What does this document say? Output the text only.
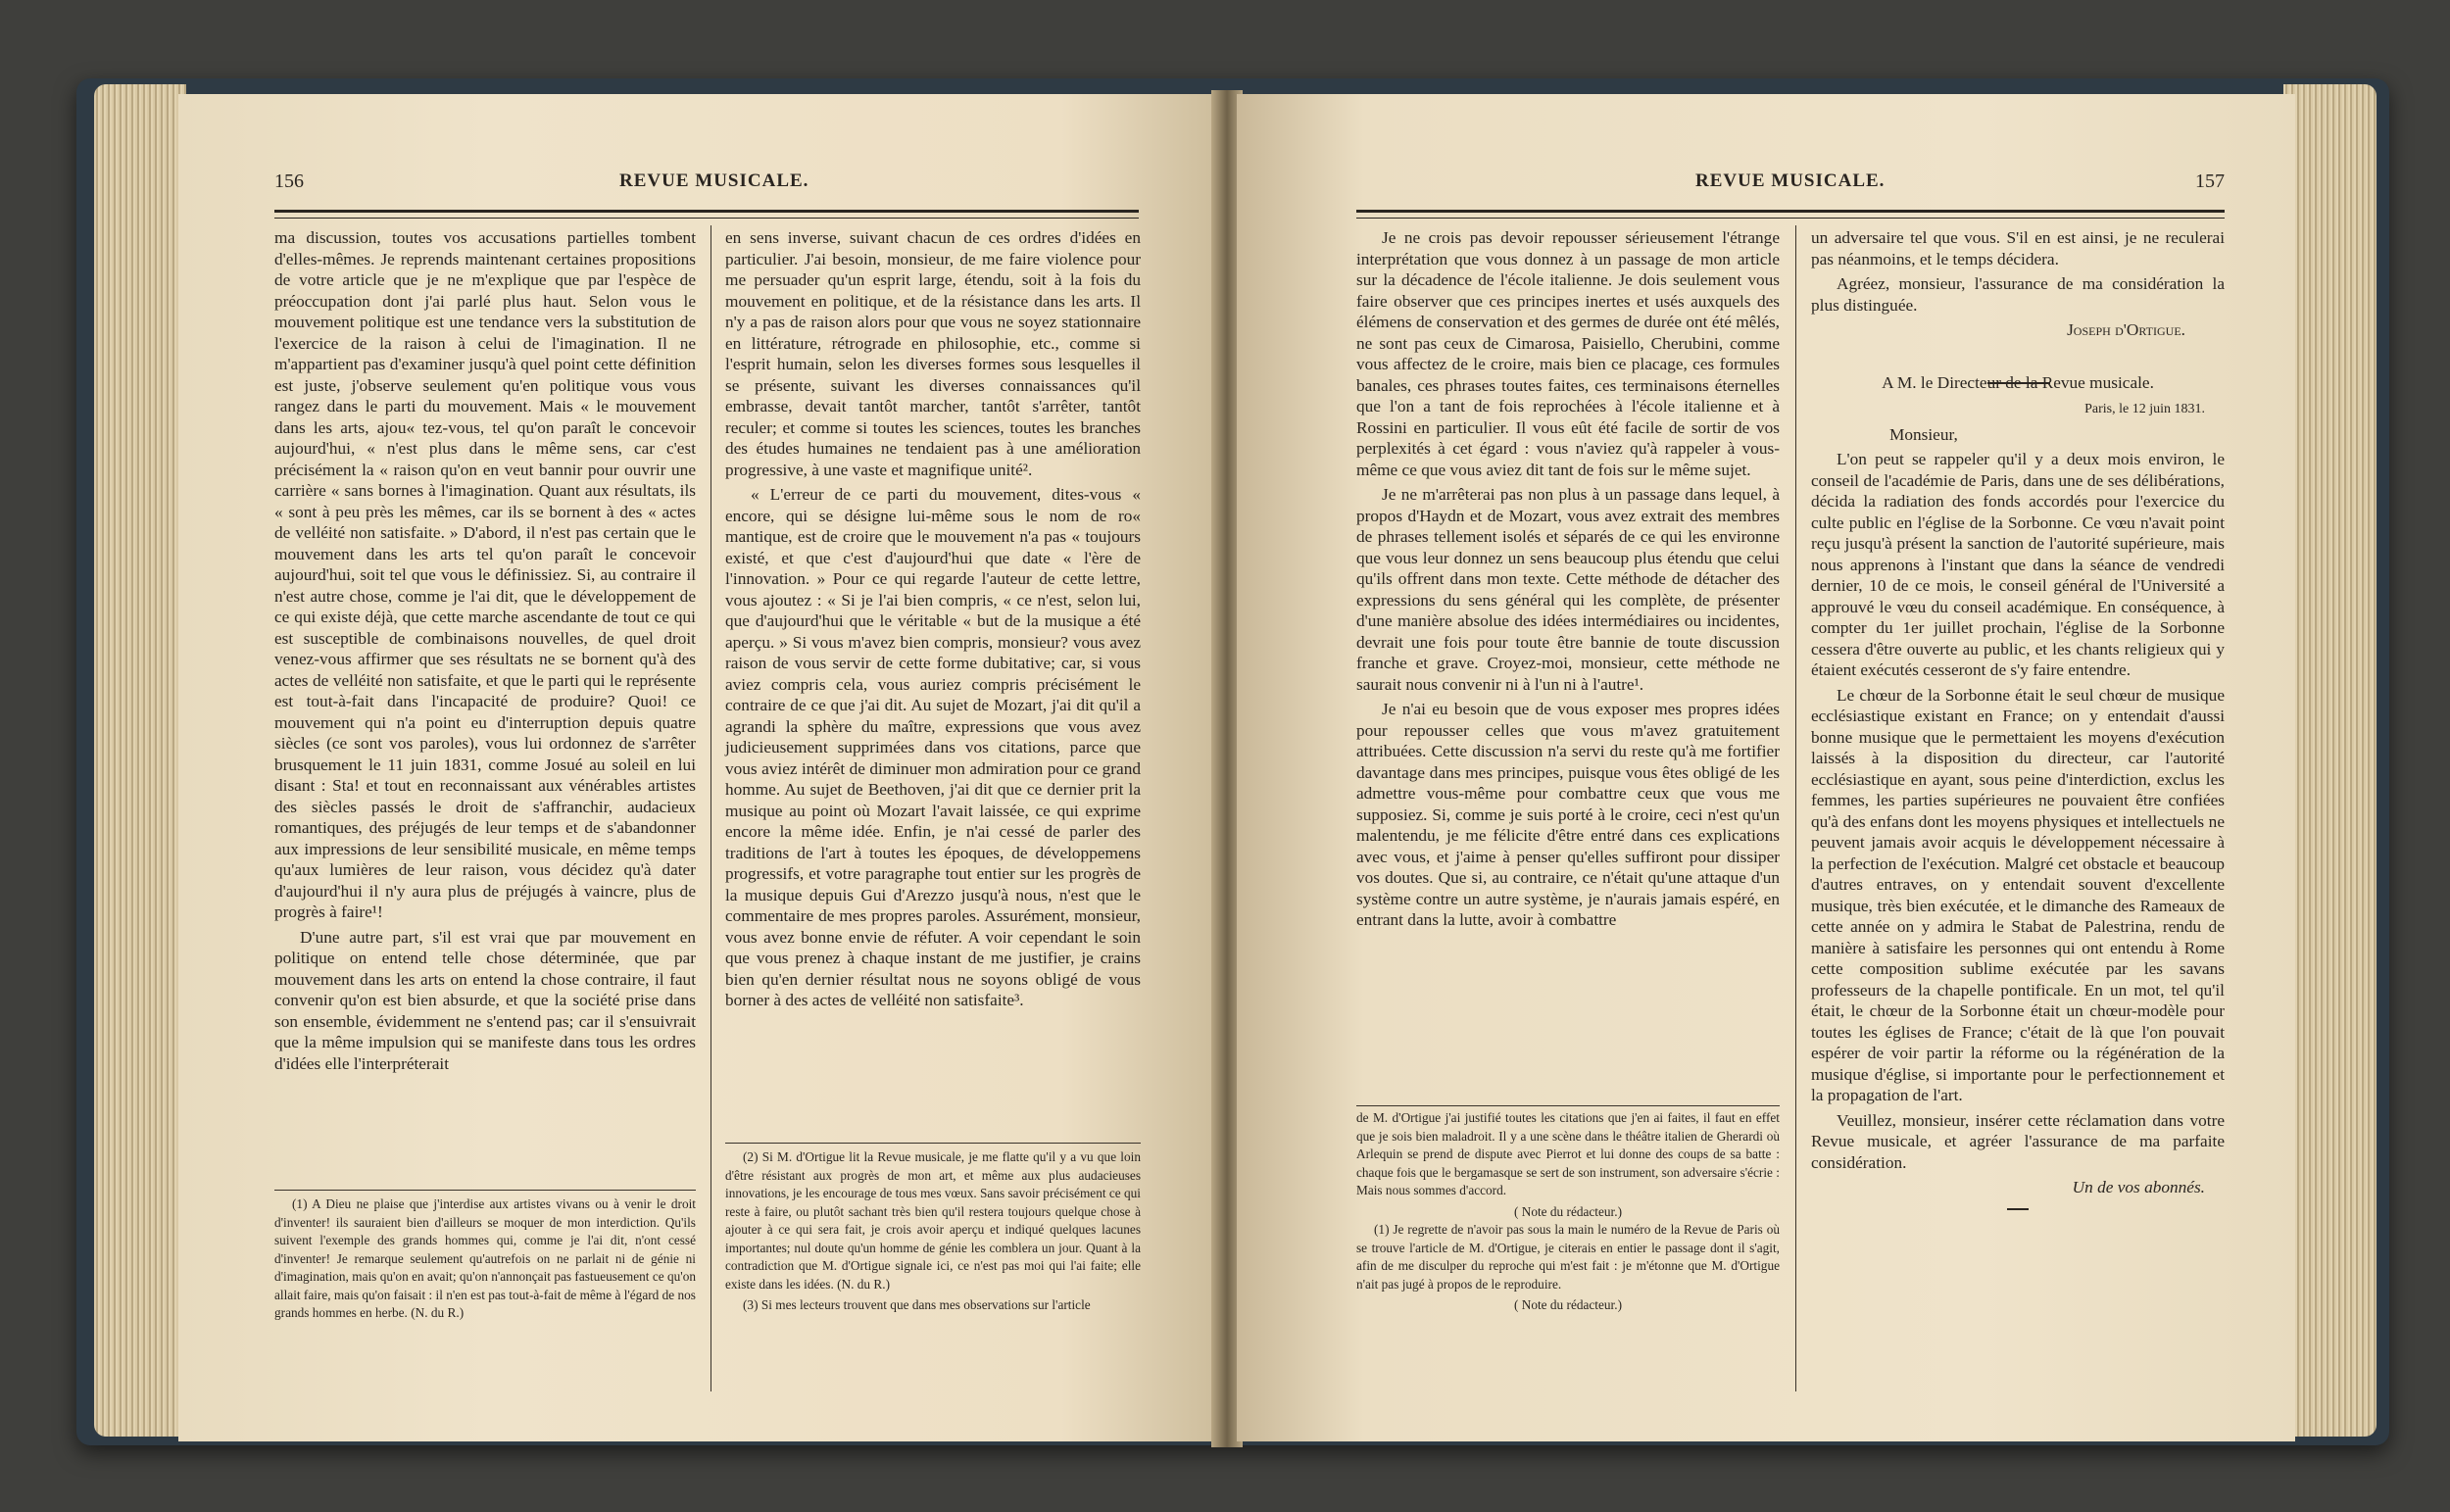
156	REVUE MUSICALE.

ma discussion, toutes vos accusations partielles tombent d'elles-mêmes. Je reprends maintenant certaines propositions de votre article que je ne m'explique que par l'espèce de préoccupation dont j'ai parlé plus haut. Selon vous le mouvement politique est une tendance vers la substitution de l'exercice de la raison à celui de l'imagination. Il ne m'appartient pas d'examiner jusqu'à quel point cette définition est juste, j'observe seulement qu'en politique vous vous rangez dans le parti du mouvement. Mais « le mouvement dans les arts, ajou« tez-vous, tel qu'on paraît le concevoir aujourd'hui, « n'est plus dans le même sens, car c'est précisément la « raison qu'on en veut bannir pour ouvrir une carrière « sans bornes à l'imagination. Quant aux résultats, ils « sont à peu près les mêmes, car ils se bornent à des « actes de velléité non satisfaite. » D'abord, il n'est pas certain que le mouvement dans les arts tel qu'on paraît le concevoir aujourd'hui, soit tel que vous le définissiez. Si, au contraire il n'est autre chose, comme je l'ai dit, que le développement de ce qui existe déjà, que cette marche ascendante de tout ce qui est susceptible de combinaisons nouvelles, de quel droit venez-vous affirmer que ses résultats ne se bornent qu'à des actes de velléité non satisfaite, et que le parti qui le représente est tout-à-fait dans l'incapacité de produire? Quoi! ce mouvement qui n'a point eu d'interruption depuis quatre siècles (ce sont vos paroles), vous lui ordonnez de s'arrêter brusquement le 11 juin 1831, comme Josué au soleil en lui disant : Sta! et tout en reconnaissant aux vénérables artistes des siècles passés le droit de s'affranchir, audacieux romantiques, des préjugés de leur temps et de s'abandonner aux impressions de leur sensibilité musicale, en même temps qu'aux lumières de leur raison, vous décidez qu'à dater d'aujourd'hui il n'y aura plus de préjugés à vaincre, plus de progrès à faire¹!

D'une autre part, s'il est vrai que par mouvement en politique on entend telle chose déterminée, que par mouvement dans les arts on entend la chose contraire, il faut convenir qu'on est bien absurde, et que la société prise dans son ensemble, évidemment ne s'entend pas; car il s'ensuivrait que la même impulsion qui se manifeste dans tous les ordres d'idées elle l'interpréterait

(1) A Dieu ne plaise que j'interdise aux artistes vivans ou à venir le droit d'inventer! ils sauraient bien d'ailleurs se moquer de mon interdiction. Qu'ils suivent l'exemple des grands hommes qui, comme je l'ai dit, n'ont cessé d'inventer! Je remarque seulement qu'autrefois on ne parlait ni de génie ni d'imagination, mais qu'on en avait; qu'on n'annonçait pas fastueusement ce qu'on allait faire, mais qu'on faisait : il n'en est pas tout-à-fait de même à l'égard de nos grands hommes en herbe. (N. du R.)

en sens inverse, suivant chacun de ces ordres d'idées en particulier. J'ai besoin, monsieur, de me faire violence pour me persuader qu'un esprit large, étendu, soit à la fois du mouvement en politique, et de la résistance dans les arts. Il n'y a pas de raison alors pour que vous ne soyez stationnaire en littérature, rétrograde en philosophie, etc., comme si l'esprit humain, selon les diverses formes sous lesquelles il se présente, suivant les diverses connaissances qu'il embrasse, devait tantôt marcher, tantôt s'arrêter, tantôt reculer; et comme si toutes les sciences, toutes les branches des études humaines ne tendaient pas à une amélioration progressive, à une vaste et magnifique unité².

« L'erreur de ce parti du mouvement, dites-vous « encore, qui se désigne lui-même sous le nom de ro« mantique, est de croire que le mouvement n'a pas « toujours existé, et que c'est d'aujourd'hui que date « l'ère de l'innovation. » Pour ce qui regarde l'auteur de cette lettre, vous ajoutez : « Si je l'ai bien compris, « ce n'est, selon lui, que d'aujourd'hui que le véritable « but de la musique a été aperçu. » Si vous m'avez bien compris, monsieur? vous avez raison de vous servir de cette forme dubitative; car, si vous aviez compris cela, vous auriez compris précisément le contraire de ce que j'ai dit. Au sujet de Mozart, j'ai dit qu'il a agrandi la sphère du maître, expressions que vous avez judicieusement supprimées dans vos citations, parce que vous aviez intérêt de diminuer mon admiration pour ce grand homme. Au sujet de Beethoven, j'ai dit que ce dernier prit la musique au point où Mozart l'avait laissée, ce qui exprime encore la même idée. Enfin, je n'ai cessé de parler des traditions de l'art à toutes les époques, de développemens progressifs, et votre paragraphe tout entier sur les progrès de la musique depuis Gui d'Arezzo jusqu'à nous, n'est que le commentaire de mes propres paroles. Assurément, monsieur, vous avez bonne envie de réfuter. A voir cependant le soin que vous prenez à chaque instant de me justifier, je crains bien qu'en dernier résultat nous ne soyons obligé de vous borner à des actes de velléité non satisfaite³.

(2) Si M. d'Ortigue lit la Revue musicale, je me flatte qu'il y a vu que loin d'être résistant aux progrès de mon art, et même aux plus audacieuses innovations, je les encourage de tous mes vœux. Sans savoir précisément ce qui reste à faire, ou plutôt sachant très bien qu'il restera toujours quelque chose à ajouter à ce qui sera fait, je crois avoir aperçu et indiqué quelques lacunes importantes; nul doute qu'un homme de génie les comblera un jour. Quant à la contradiction que M. d'Ortigue signale ici, ce n'est pas moi qui l'ai faite; elle existe dans les idées. (N. du R.)

(3) Si mes lecteurs trouvent que dans mes observations sur l'article

REVUE MUSICALE.	157

Je ne crois pas devoir repousser sérieusement l'étrange interprétation que vous donnez à un passage de mon article sur la décadence de l'école italienne. Je dois seulement vous faire observer que ces principes inertes et usés auxquels des élémens de conservation et des germes de durée ont été mêlés, ne sont pas ceux de Cimarosa, Paisiello, Cherubini, comme vous affectez de le croire, mais bien ce placage, ces formules banales, ces phrases toutes faites, ces terminaisons éternelles que l'on a tant de fois reprochées à l'école italienne et à Rossini en particulier. Il vous eût été facile de sortir de vos perplexités à cet égard : vous n'aviez qu'à rappeler à vous-même ce que vous aviez dit tant de fois sur le même sujet.

Je ne m'arrêterai pas non plus à un passage dans lequel, à propos d'Haydn et de Mozart, vous avez extrait des membres de phrases tellement isolés et séparés de ce qui les environne que vous leur donnez un sens beaucoup plus étendu que celui qu'ils offrent dans mon texte. Cette méthode de détacher des expressions du sens général qui les complète, de présenter d'une manière absolue des idées intermédiaires ou incidentes, devrait une fois pour toute être bannie de toute discussion franche et grave. Croyez-moi, monsieur, cette méthode ne saurait nous convenir ni à l'un ni à l'autre¹.

Je n'ai eu besoin que de vous exposer mes propres idées pour repousser celles que vous m'avez gratuitement attribuées. Cette discussion n'a servi du reste qu'à me fortifier davantage dans mes principes, puisque vous êtes obligé de les admettre vous-même pour combattre ceux que vous me supposiez. Si, comme je suis porté à le croire, ceci n'est qu'un malentendu, je me félicite d'être entré dans ces explications avec vous, et j'aime à penser qu'elles suffiront pour dissiper vos doutes. Que si, au contraire, ce n'était qu'une attaque d'un système contre un autre système, je n'aurais jamais espéré, en entrant dans la lutte, avoir à combattre

de M. d'Ortigue j'ai justifié toutes les citations que j'en ai faites, il faut en effet que je sois bien maladroit. Il y a une scène dans le théâtre italien de Gherardi où Arlequin se prend de dispute avec Pierrot et lui donne des coups de sa batte : chaque fois que le bergamasque se sert de son instrument, son adversaire s'écrie : Mais nous sommes d'accord.

( Note du rédacteur.)

(1) Je regrette de n'avoir pas sous la main le numéro de la Revue de Paris où se trouve l'article de M. d'Ortigue, je citerais en entier le passage dont il s'agit, afin de me disculper du reproche qui m'est fait : je m'étonne que M. d'Ortigue n'ait pas jugé à propos de le reproduire.

( Note du rédacteur.)

un adversaire tel que vous. S'il en est ainsi, je ne reculerai pas néanmoins, et le temps décidera.

Agréez, monsieur, l'assurance de ma considération la plus distinguée.

Joseph d'Ortigue.
A M. le Directeur de la Revue musicale.
Paris, le 12 juin 1831.
Monsieur,

L'on peut se rappeler qu'il y a deux mois environ, le conseil de l'académie de Paris, dans une de ses délibérations, décida la radiation des fonds accordés pour l'exercice du culte public en l'église de la Sorbonne. Ce vœu n'avait point reçu jusqu'à présent la sanction de l'autorité supérieure, mais nous apprenons à l'instant que dans la séance de vendredi dernier, 10 de ce mois, le conseil général de l'Université a approuvé le vœu du conseil académique. En conséquence, à compter du 1er juillet prochain, l'église de la Sorbonne cessera d'être ouverte au public, et les chants religieux qui y étaient exécutés cesseront de s'y faire entendre.

Le chœur de la Sorbonne était le seul chœur de musique ecclésiastique existant en France; on y entendait d'aussi bonne musique que le permettaient les moyens d'exécution laissés à la disposition du directeur, car l'autorité ecclésiastique en ayant, sous peine d'interdiction, exclus les femmes, les parties supérieures ne pouvaient être confiées qu'à des enfans dont les moyens physiques et intellectuels ne peuvent jamais avoir acquis le développement nécessaire à la perfection de l'exécution. Malgré cet obstacle et beaucoup d'autres entraves, on y entendait souvent d'excellente musique, très bien exécutée, et le dimanche des Rameaux de cette année on y admira le Stabat de Palestrina, rendu de manière à satisfaire les personnes qui ont entendu à Rome cette composition sublime exécutée par les savans professeurs de la chapelle pontificale. En un mot, tel qu'il était, le chœur de la Sorbonne était un chœur-modèle pour toutes les églises de France; c'était de là que l'on pouvait espérer de voir partir la réforme ou la régénération de la musique d'église, si importante pour le perfectionnement et la propagation de l'art.

Veuillez, monsieur, insérer cette réclamation dans votre Revue musicale, et agréer l'assurance de ma parfaite considération.

Un de vos abonnés.
